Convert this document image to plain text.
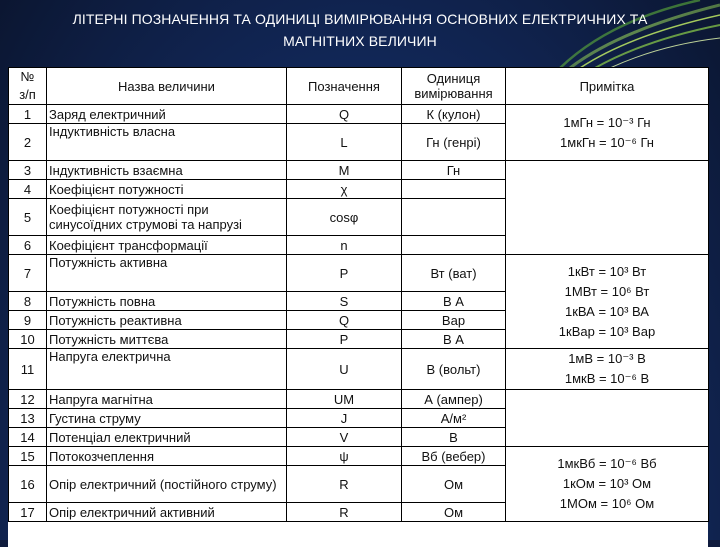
ЛІТЕРНІ ПОЗНАЧЕННЯ ТА ОДИНИЦІ ВИМІРЮВАННЯ ОСНОВНИХ ЕЛЕКТРИЧНИХ ТА
МАГНІТНИХ ВЕЛИЧИН
№
з/п	Назва величини	Позначення	Одиниця вимірювання	Примітка
1	Заряд електричний	Q	К (кулон)	1мГн = 10⁻³ Гн
1мкГн = 10⁻⁶ Гн

2	Індуктивність власна	L	Гн (генрі)	
3	Індуктивність взаємна	M	Гн	
4	Коефіцієнт потужності	χ		
5	Коефіцієнт потужності при синусоїдних струмові та напрузі	cosφ		
6	Коефіцієнт трансформації	n		
7	Потужність активна	P	Вт (ват)	1кВт = 10³ Вт
1МВт = 10⁶ Вт
1кВА = 10³ ВА
1кВар = 10³ Вар

8	Потужність повна	S	В А	
9	Потужність реактивна	Q	Вар	
10	Потужність миттєва	P	В А	
11	Напруга електрична	U	В (вольт)	1мВ = 10⁻³ В
1мкВ = 10⁻⁶ В

12	Напруга магнітна	UM	А (ампер)	
13	Густина струму	J	А/м²	
14	Потенціал електричний	V	В	
15	Потокозчеплення	ψ	Вб (вебер)	1мкВб = 10⁻⁶ Вб
1кОм = 10³ Ом
1МОм = 10⁶ Ом

16	Опір електричний (постійного струму)	R	Ом	
17	Опір електричний активний	R	Ом	
